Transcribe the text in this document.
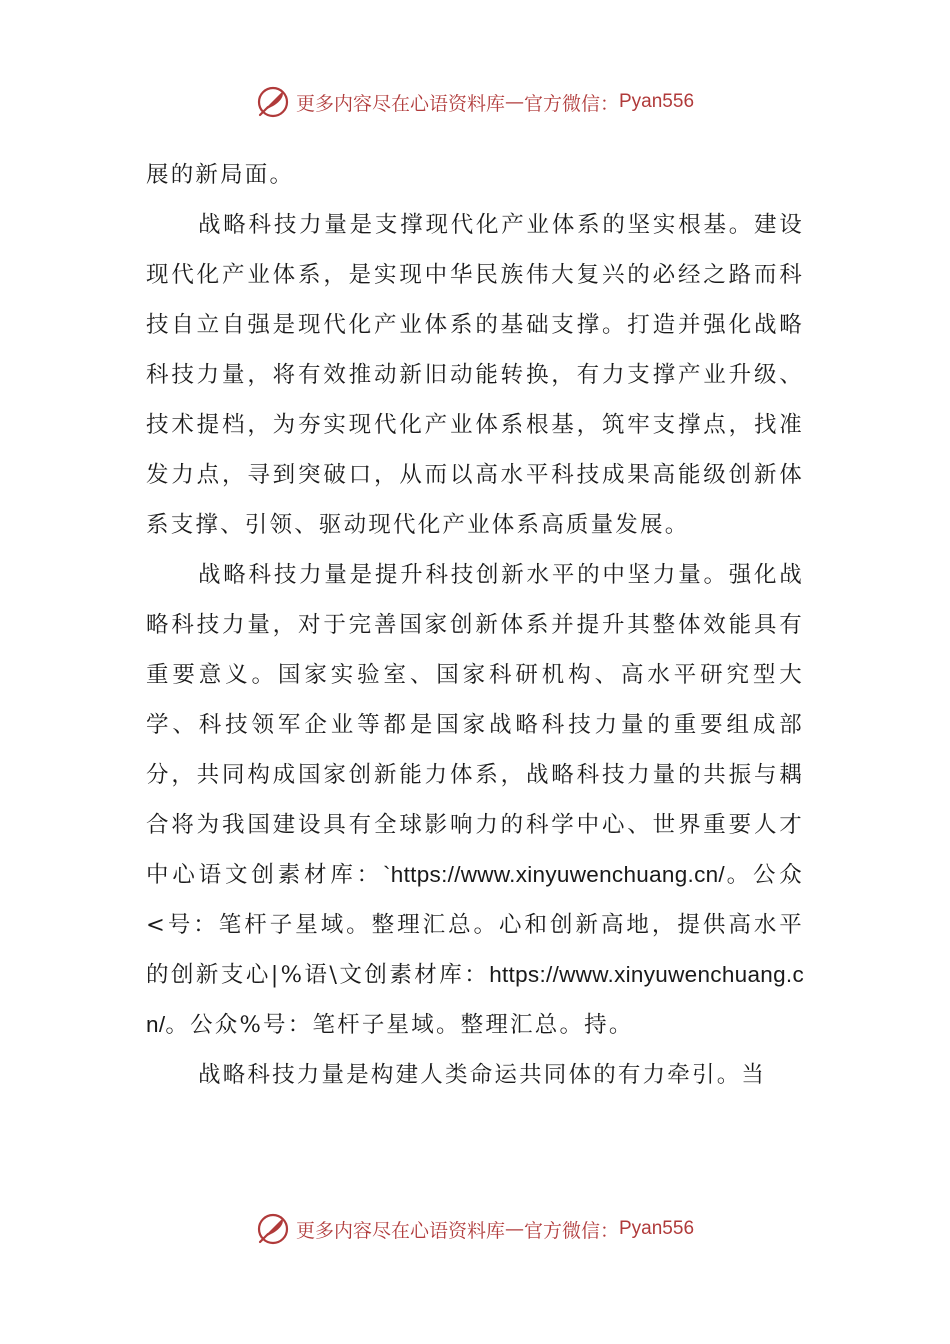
更多内容尽在心语资料库 — 官方微信： Pyan556

展的新局面。

战略科技力量是支撑现代化产业体系的坚实根基。建设现代化产业体系，是实现中华民族伟大复兴的必经之路而科技自立自强是现代化产业体系的基础支撑。打造并强化战略科技力量，将有效推动新旧动能转换，有力支撑产业升级、技术提档，为夯实现代化产业体系根基，筑牢支撑点，找准发力点，寻到突破口，从而以高水平科技成果高能级创新体系支撑、引领、驱动现代化产业体系高质量发展。

战略科技力量是提升科技创新水平的中坚力量。强化战略科技力量，对于完善国家创新体系并提升其整体效能具有重要意义。国家实验室、国家科研机构、高水平研究型大学、科技领军企业等都是国家战略科技力量的重要组成部分，共同构成国家创新能力体系，战略科技力量的共振与耦合将为我国建设具有全球影响力的科学中心、世界重要人才中心语文创素材库：`https://www.xinyuwenchuang.cn/。公众<号：笔杆子星域。整理汇总。心和创新高地，提供高水平的创新支心|%语\文创素材库：https://www.xinyuwenchuang.cn/。公众%号：笔杆子星域。整理汇总。持。

战略科技力量是构建人类命运共同体的有力牵引。当

更多内容尽在心语资料库 — 官方微信： Pyan556
